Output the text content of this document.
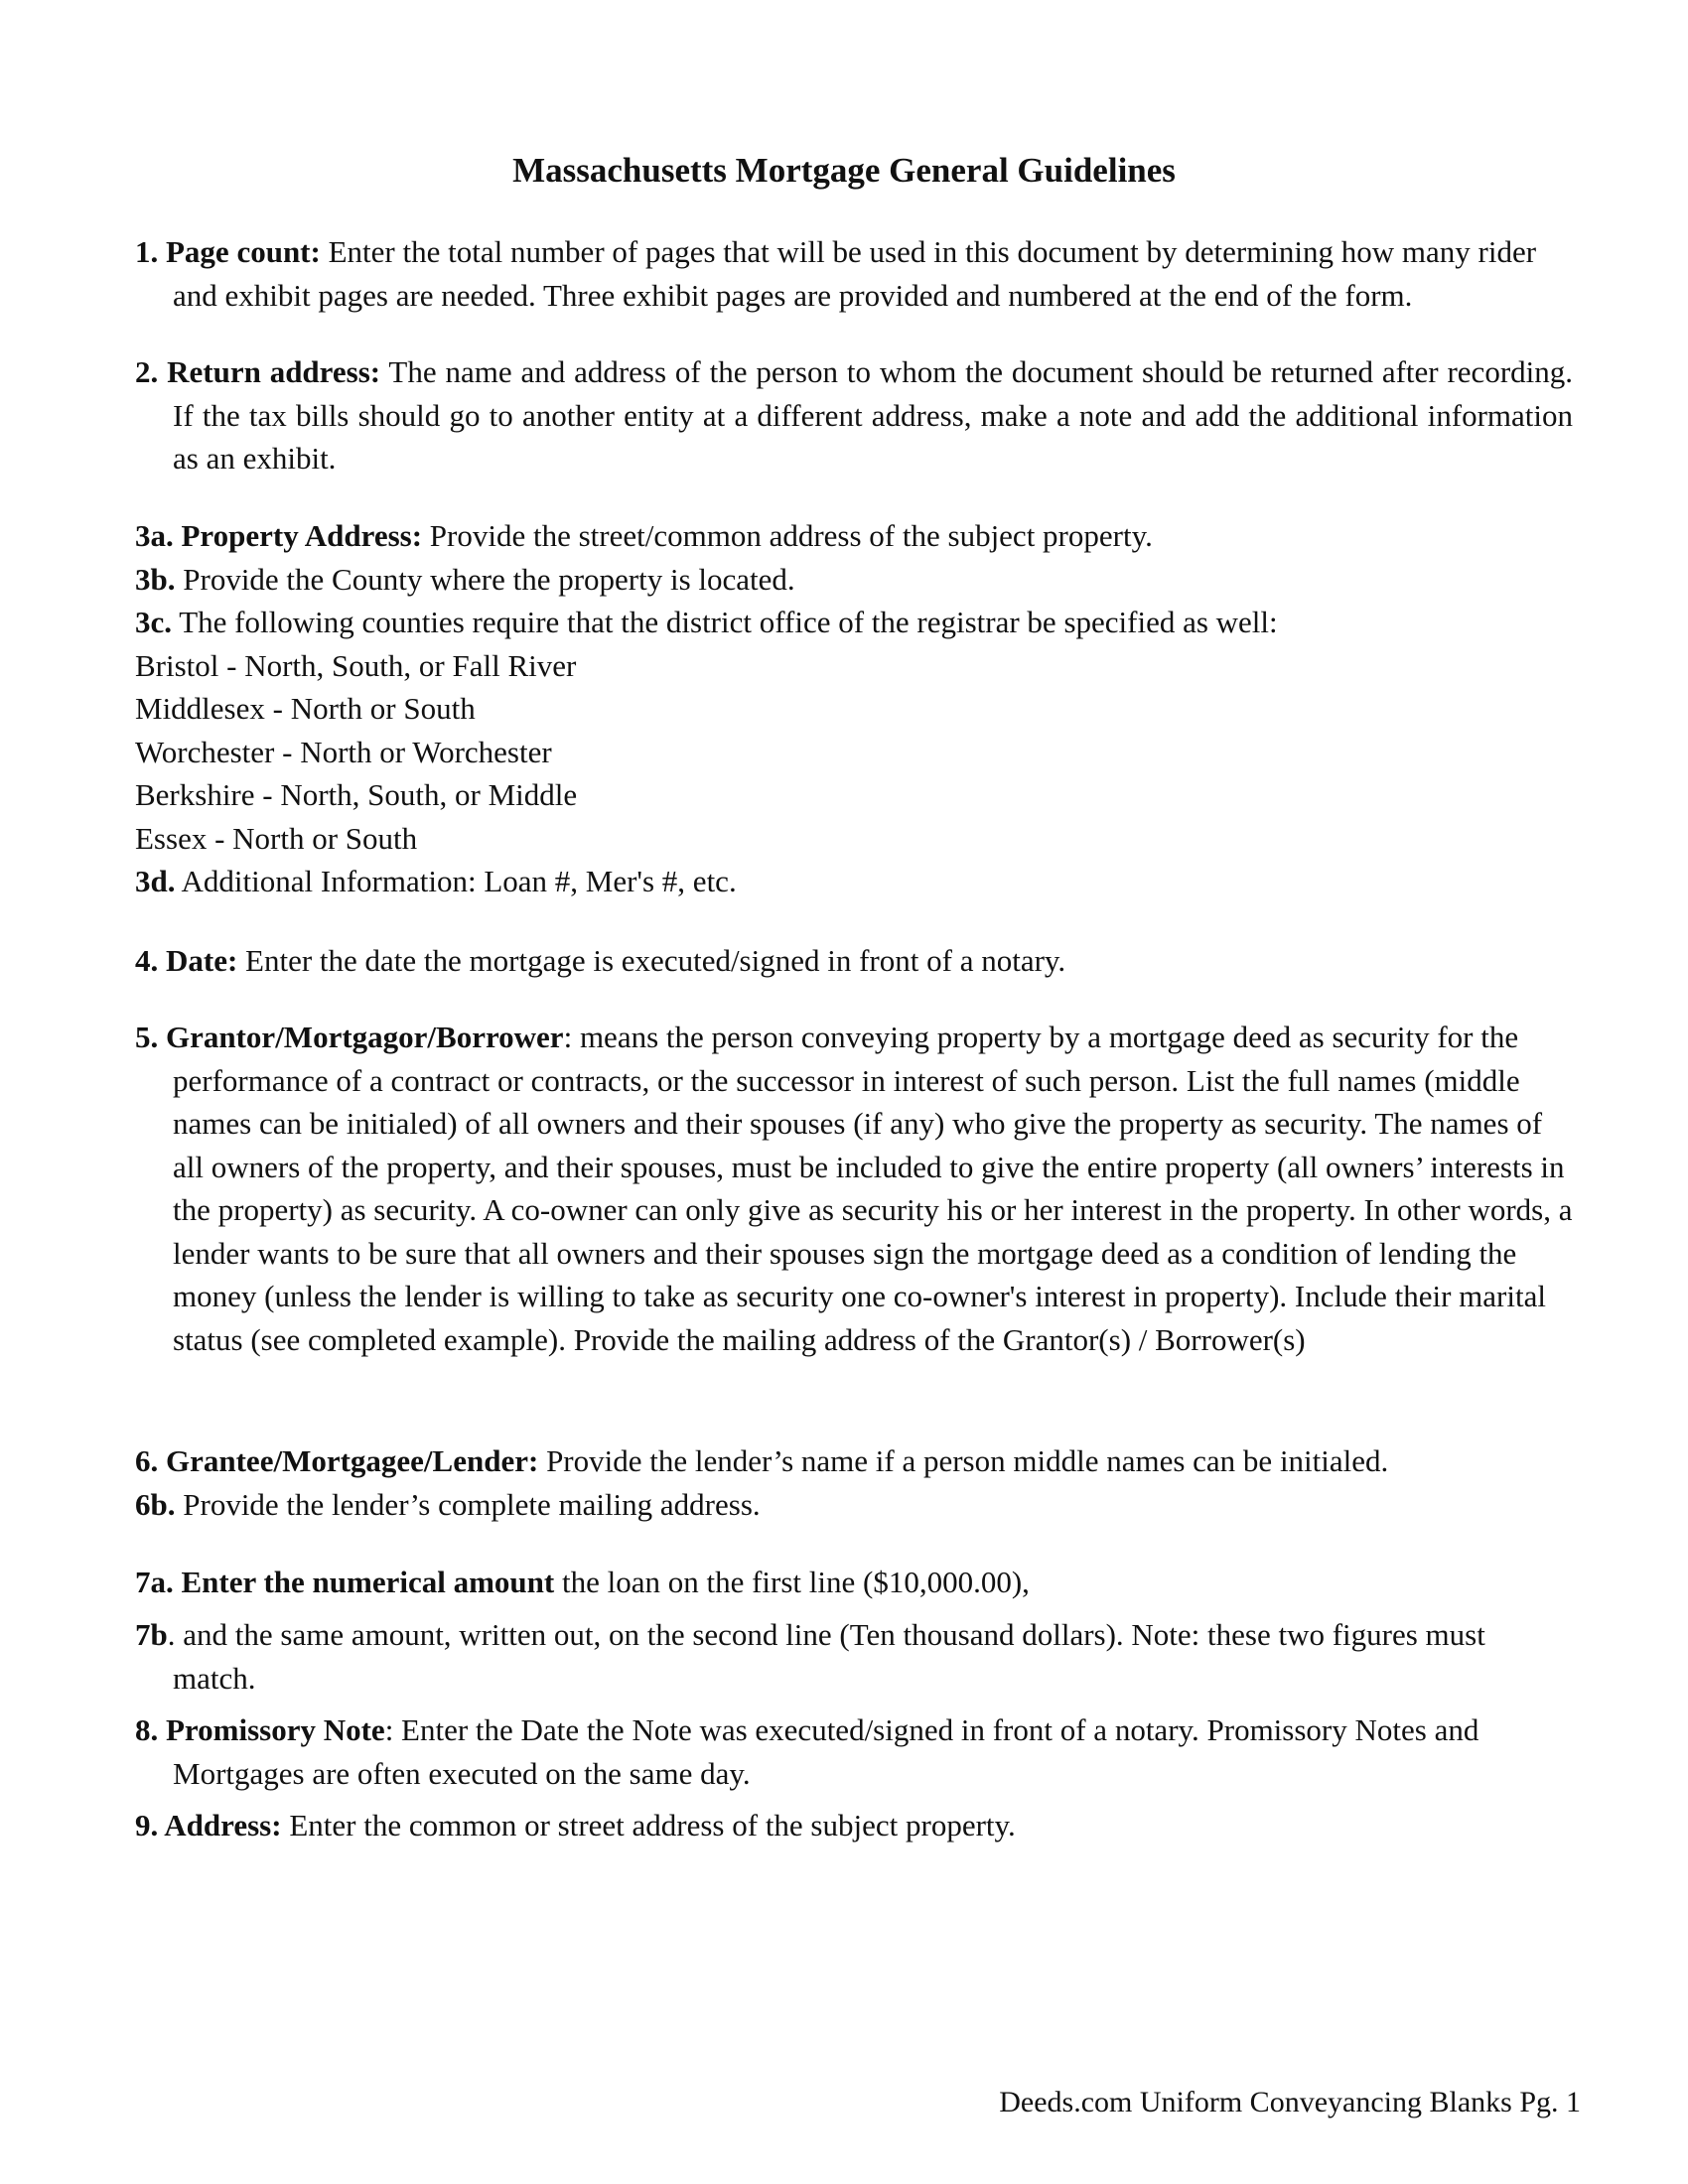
Massachusetts Mortgage General Guidelines

1. Page count: Enter the total number of pages that will be used in this document by determining how many rider and exhibit pages are needed. Three exhibit pages are provided and numbered at the end of the form.

2. Return address: The name and address of the person to whom the document should be returned after recording. If the tax bills should go to another entity at a different address, make a note and add the additional information as an exhibit.

3a. Property Address: Provide the street/common address of the subject property.

3b. Provide the County where the property is located.

3c. The following counties require that the district office of the registrar be specified as well:

Bristol - North, South, or Fall River

Middlesex - North or South

Worchester - North or Worchester

Berkshire - North, South, or Middle

Essex - North or South

3d. Additional Information: Loan #, Mer's #, etc.

4. Date: Enter the date the mortgage is executed/signed in front of a notary.

5. Grantor/Mortgagor/Borrower: means the person conveying property by a mortgage deed as security for the performance of a contract or contracts, or the successor in interest of such person. List the full names (middle names can be initialed) of all owners and their spouses (if any) who give the property as security. The names of all owners of the property, and their spouses, must be included to give the entire property (all owners’ interests in the property) as security. A co-owner can only give as security his or her interest in the property. In other words, a lender wants to be sure that all owners and their spouses sign the mortgage deed as a condition of lending the money (unless the lender is willing to take as security one co-owner's interest in property). Include their marital status (see completed example). Provide the mailing address of the Grantor(s) / Borrower(s)

6. Grantee/Mortgagee/Lender: Provide the lender’s name if a person middle names can be initialed.

6b. Provide the lender’s complete mailing address.

7a. Enter the numerical amount the loan on the first line ($10,000.00),

7b. and the same amount, written out, on the second line (Ten thousand dollars). Note: these two figures must match.

8. Promissory Note: Enter the Date the Note was executed/signed in front of a notary. Promissory Notes and Mortgages are often executed on the same day.

9. Address: Enter the common or street address of the subject property.

Deeds.com Uniform Conveyancing Blanks Pg. 1
